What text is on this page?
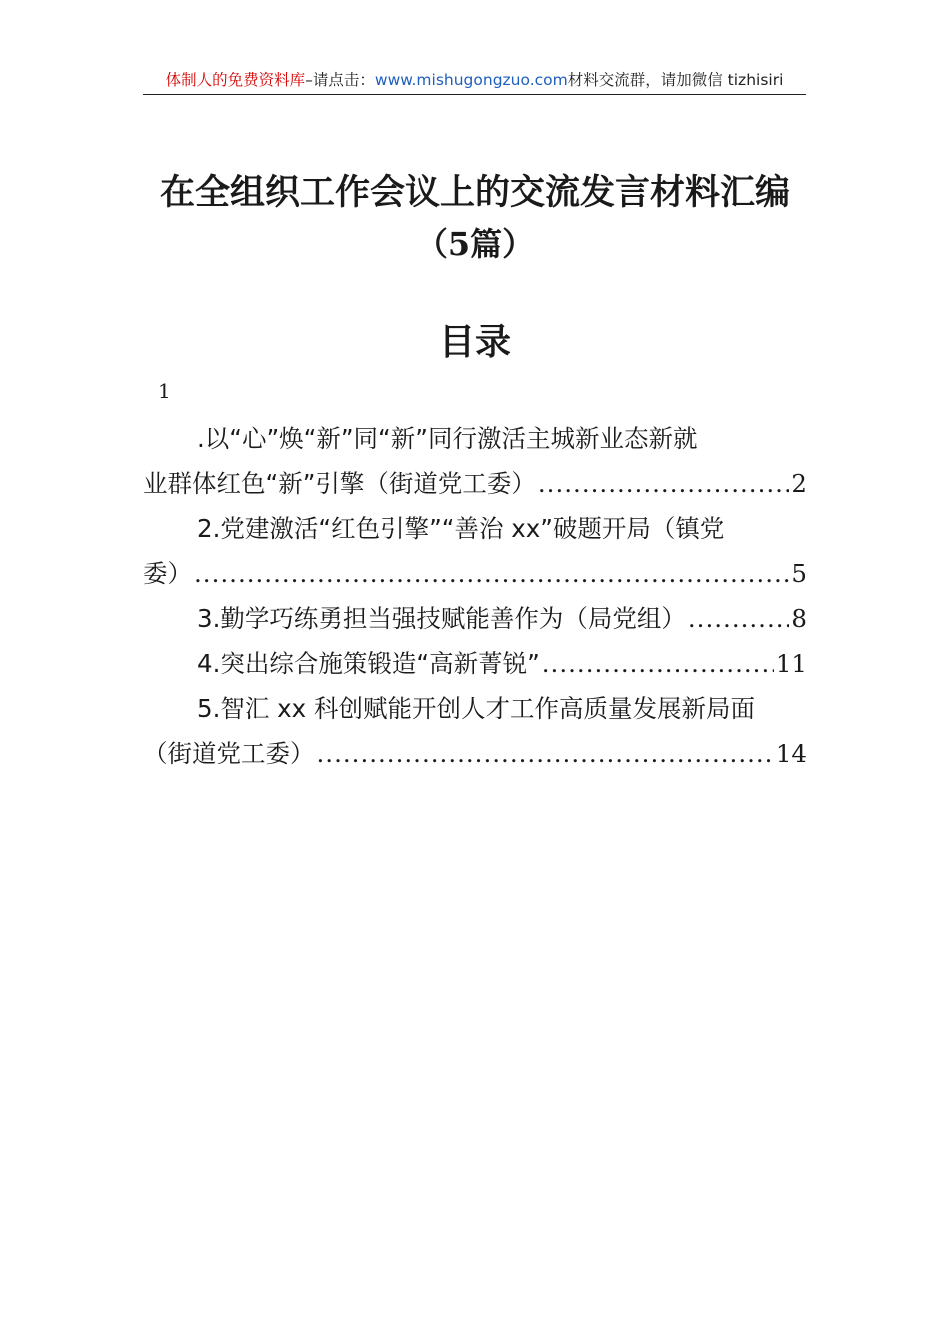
体制人的免费资料库–请点击：www.mishugongzuo.com材料交流群，请加微信 tizhisiri
在全组织工作会议上的交流发言材料汇编
（5篇）
目录
1
.以“心”焕“新”同“新”同行激活主城新业态新就
业群体红色“新”引擎（街道党工委） .....	2
2.党建激活“红色引擎”“善治 xx”破题开局（镇党
委） .....	5
3.勤学巧练勇担当强技赋能善作为（局党组） .....	8
4.突出综合施策锻造“高新菁锐” .....	11
5.智汇 xx 科创赋能开创人才工作高质量发展新局面
（街道党工委） .....	14
